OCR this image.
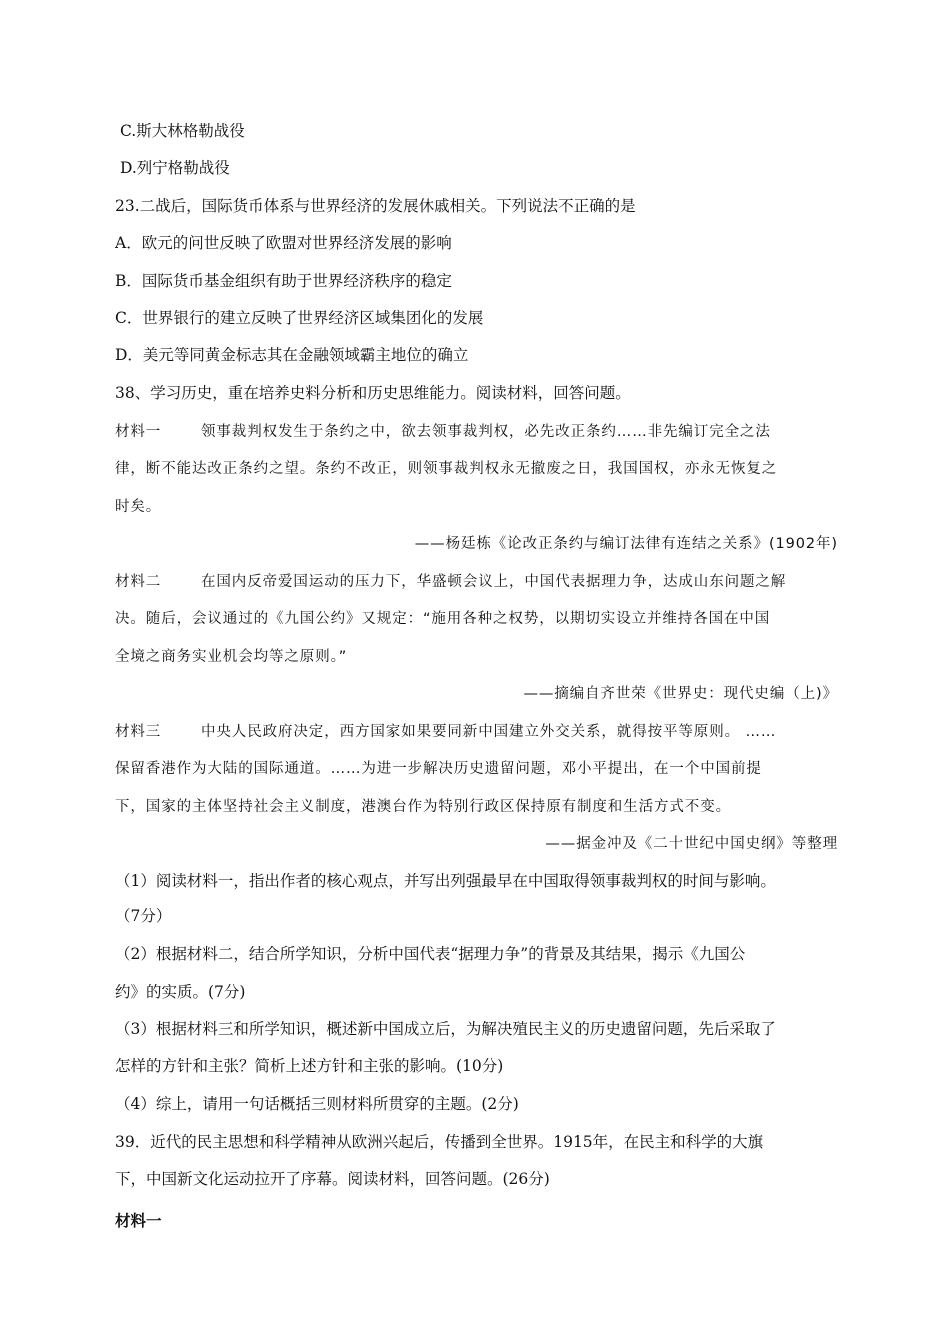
C.斯大林格勒战役
D.列宁格勒战役
23.二战后，国际货币体系与世界经济的发展休戚相关。下列说法不正确的是
A．欧元的问世反映了欧盟对世界经济发展的影响
B．国际货币基金组织有助于世界经济秩序的稳定
C．世界银行的建立反映了世界经济区域集团化的发展
D．美元等同黄金标志其在金融领域霸主地位的确立
38、学习历史，重在培养史料分析和历史思维能力。阅读材料，回答问题。
材料一	领事裁判权发生于条约之中，欲去领事裁判权，必先改正条约……非先编订完全之法
律，断不能达改正条约之望。条约不改正，则领事裁判权永无撤废之日，我国国权，亦永无恢复之
时矣。
——杨廷栋《论改正条约与编订法律有连结之关系》(1902年)
材料二	在国内反帝爱国运动的压力下，华盛顿会议上，中国代表据理力争，达成山东问题之解
决。随后，会议通过的《九国公约》又规定：“施用各种之权势，以期切实设立并维持各国在中国
全境之商务实业机会均等之原则。”
——摘编自齐世荣《世界史：现代史编（上)》
材料三	中央人民政府决定，西方国家如果要同新中国建立外交关系，就得按平等原则。 ……
保留香港作为大陆的国际通道。……为进一步解决历史遗留问题，邓小平提出，在一个中国前提
下，国家的主体坚持社会主义制度，港澳台作为特别行政区保持原有制度和生活方式不变。
——据金冲及《二十世纪中国史纲》等整理
（1）阅读材料一，指出作者的核心观点，并写出列强最早在中国取得领事裁判权的时间与影响。
（7分）
（2）根据材料二，结合所学知识，分析中国代表“据理力争”的背景及其结果，揭示《九国公
约》的实质。(7分)
（3）根据材料三和所学知识，概述新中国成立后，为解决殖民主义的历史遗留问题，先后采取了
怎样的方针和主张？简析上述方针和主张的影响。(10分)
（4）综上，请用一句话概括三则材料所贯穿的主题。(2分)
39．近代的民主思想和科学精神从欧洲兴起后，传播到全世界。1915年，在民主和科学的大旗
下，中国新文化运动拉开了序幕。阅读材料，回答问题。(26分)
材料一
